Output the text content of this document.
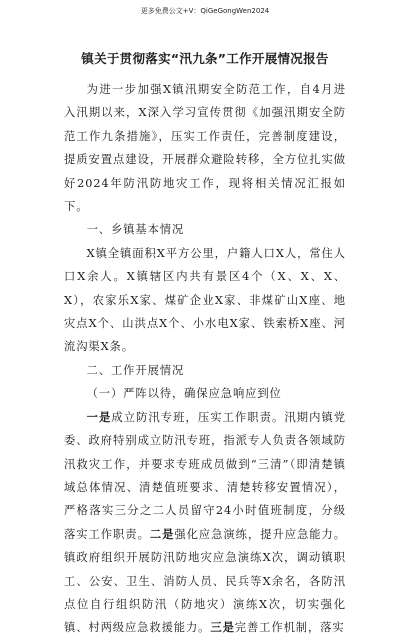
更多免费公文+V：QiGeGongWen2024
镇关于贯彻落实“汛九条”工作开展情况报告

为进一步加强X镇汛期安全防范工作，自4月进入汛期以来，X深入学习宣传贯彻《加强汛期安全防范工作九条措施》，压实工作责任，完善制度建设，提质安置点建设，开展群众避险转移，全方位扎实做好2024年防汛防地灾工作，现将相关情况汇报如下。

一、乡镇基本情况

X镇全镇面积X平方公里，户籍人口X人，常住人口X余人。X镇辖区内共有景区4个（X、X、X、X），农家乐X家、煤矿企业X家、非煤矿山X座、地灾点X个、山洪点X个、小水电X家、铁索桥X座、河流沟渠X条。

二、工作开展情况

（一）严阵以待，确保应急响应到位

一是成立防汛专班，压实工作职责。汛期内镇党委、政府特别成立防汛专班，指派专人负责各领域防汛救灾工作，并要求专班成员做到“三清”（即清楚镇域总体情况、清楚值班要求、清楚转移安置情况），严格落实三分之二人员留守24小时值班制度，分级落实工作职责。二是强化应急演练，提升应急能力。镇政府组织开展防汛防地灾应急演练X次，调动镇职工、公安、卫生、消防人员、民兵等X余名，各防汛点位自行组织防汛（防地灾）演练X次，切实强化镇、村两级应急救援能力。三是完善工作机制，落实
